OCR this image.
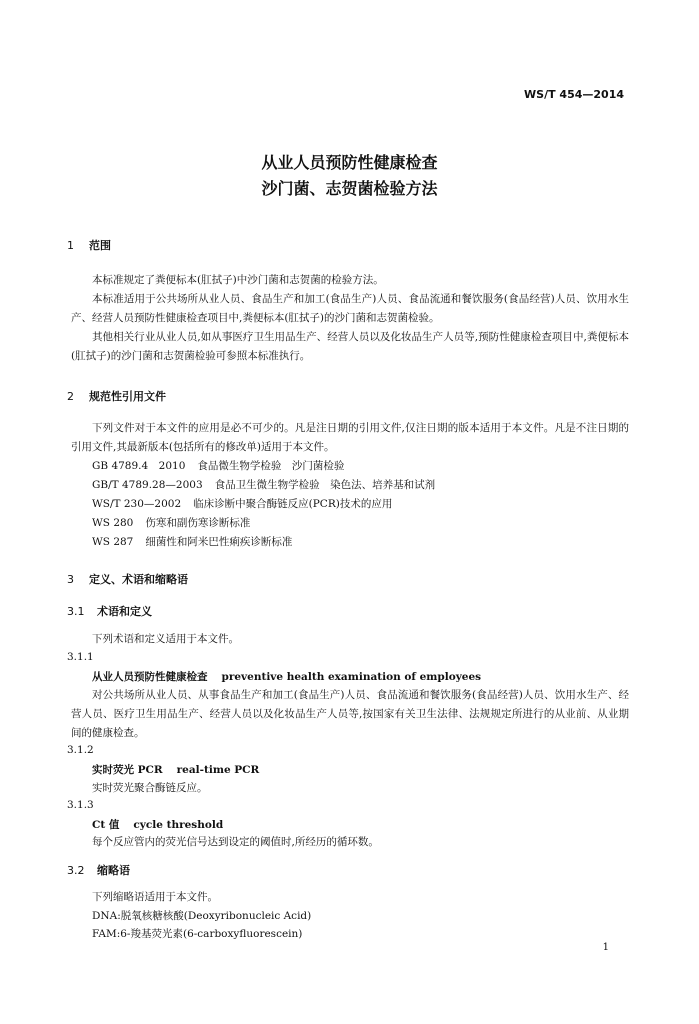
WS/T 454—2014
从业人员预防性健康检查
沙门菌、志贺菌检验方法
1 范围

本标准规定了粪便标本(肛拭子)中沙门菌和志贺菌的检验方法。

本标准适用于公共场所从业人员、食品生产和加工(食品生产)人员、食品流通和餐饮服务(食品经营)人员、饮用水生产、经营人员预防性健康检查项目中,粪便标本(肛拭子)的沙门菌和志贺菌检验。

其他相关行业从业人员,如从事医疗卫生用品生产、经营人员以及化妆品生产人员等,预防性健康检查项目中,粪便标本(肛拭子)的沙门菌和志贺菌检验可参照本标准执行。

2 规范性引用文件

下列文件对于本文件的应用是必不可少的。凡是注日期的引用文件,仅注日期的版本适用于本文件。凡是不注日期的引用文件,其最新版本(包括所有的修改单)适用于本文件。

GB 4789.4　2010 食品微生物学检验　沙门菌检验
GB/T 4789.28—2003 食品卫生微生物学检验　染色法、培养基和试剂
WS/T 230—2002 临床诊断中聚合酶链反应(PCR)技术的应用
WS 280 伤寒和副伤寒诊断标准
WS 287 细菌性和阿米巴性痢疾诊断标准
3 定义、术语和缩略语
3.1 术语和定义
下列术语和定义适用于本文件。
3.1.1
从业人员预防性健康检查 preventive health examination of employees

对公共场所从业人员、从事食品生产和加工(食品生产)人员、食品流通和餐饮服务(食品经营)人员、饮用水生产、经营人员、医疗卫生用品生产、经营人员以及化妆品生产人员等,按国家有关卫生法律、法规规定所进行的从业前、从业期间的健康检查。

3.1.2
实时荧光 PCR real-time PCR
实时荧光聚合酶链反应。
3.1.3
Ct 值 cycle threshold
每个反应管内的荧光信号达到设定的阈值时,所经历的循环数。
3.2 缩略语
下列缩略语适用于本文件。
DNA:脱氧核糖核酸(Deoxyribonucleic Acid)
FAM:6-羧基荧光素(6-carboxyfluorescein)
1
